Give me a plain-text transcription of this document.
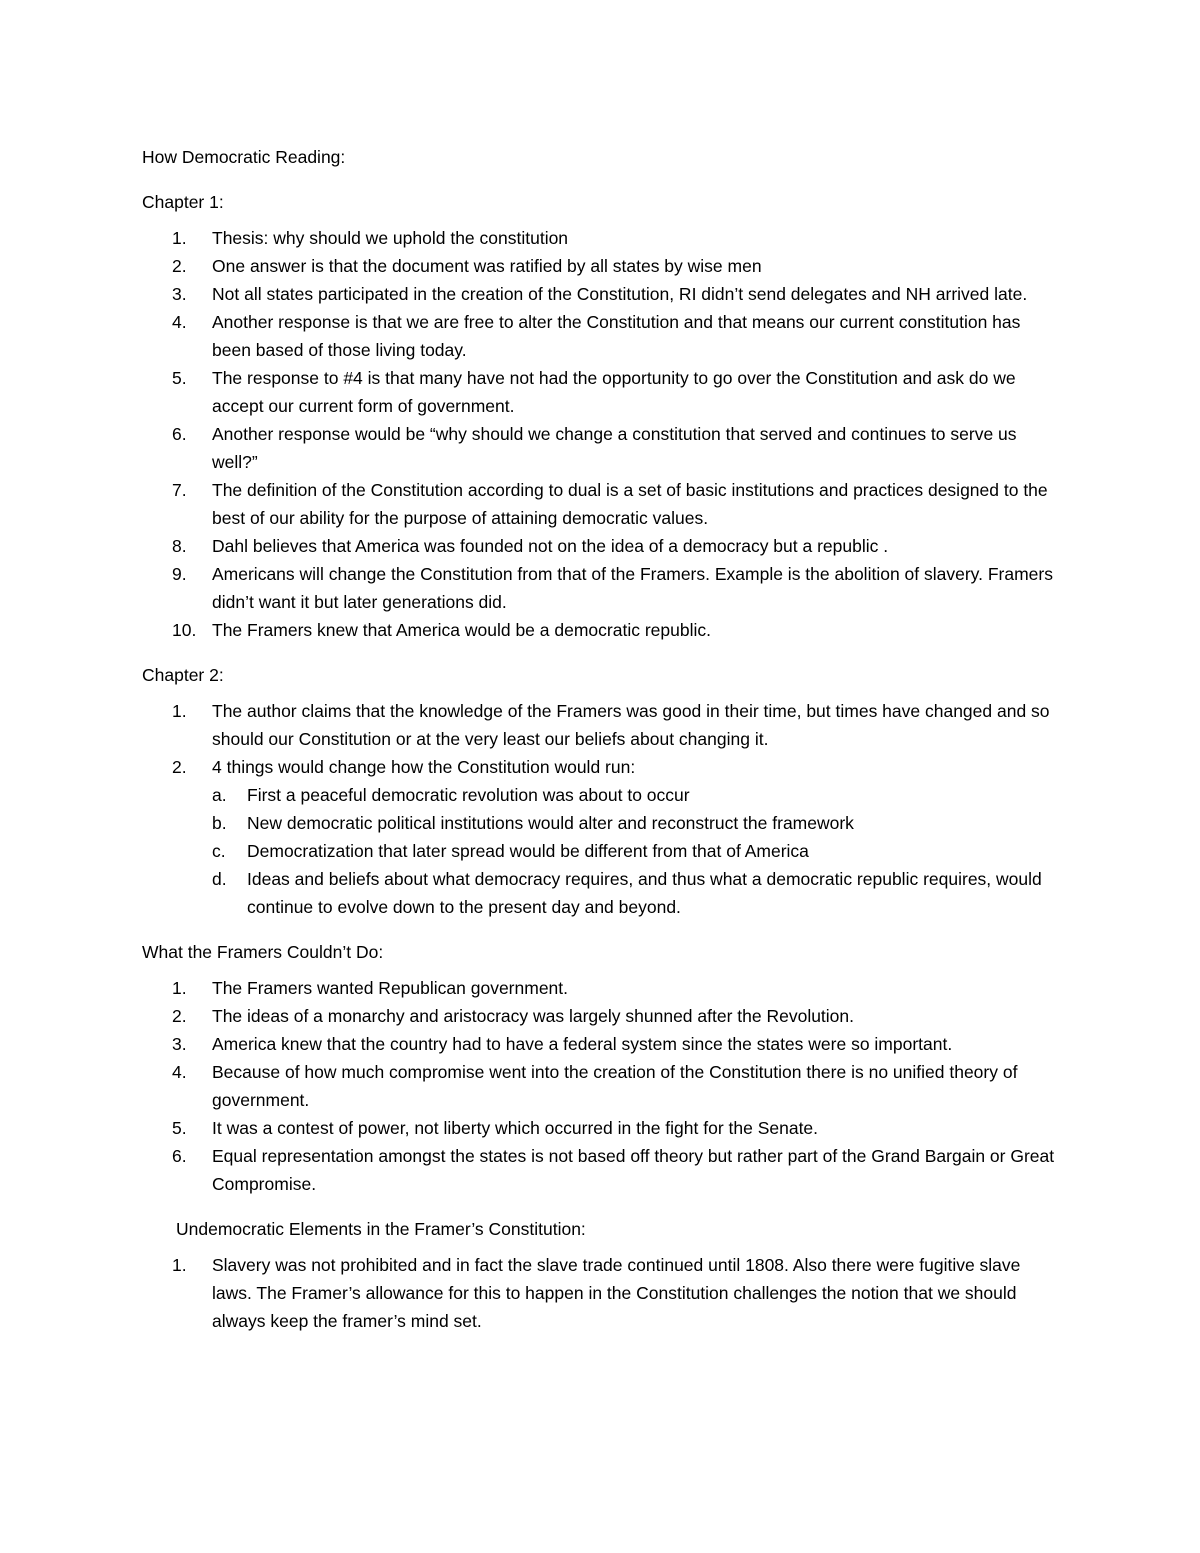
How Democratic Reading:

Chapter 1:

1. Thesis: why should we uphold the constitution
2. One answer is that the document was ratified by all states by wise men
3. Not all states participated in the creation of the Constitution, RI didn’t send delegates and NH arrived late.
4. Another response is that we are free to alter the Constitution and that means our current constitution has been based of those living today.
5. The response to #4 is that many have not had the opportunity to go over the Constitution and ask do we accept our current form of government.
6. Another response would be “why should we change a constitution that served and continues to serve us well?”
7. The definition of the Constitution according to dual is a set of basic institutions and practices designed to the best of our ability for the purpose of attaining democratic values.
8. Dahl believes that America was founded not on the idea of a democracy but a republic .
9. Americans will change the Constitution from that of the Framers. Example is the abolition of slavery. Framers didn’t want it but later generations did.
10. The Framers knew that America would be a democratic republic.

Chapter 2:

1. The author claims that the knowledge of the Framers was good in their time, but times have changed and so should our Constitution or at the very least our beliefs about changing it.
2. 4 things would change how the Constitution would run:
a. First a peaceful democratic revolution was about to occur
b. New democratic political institutions would alter and reconstruct the framework
c. Democratization that later spread would be different from that of America
d. Ideas and beliefs about what democracy requires, and thus what a democratic republic requires, would continue to evolve down to the present day and beyond.

What the Framers Couldn’t Do:

1. The Framers wanted Republican government.
2. The ideas of a monarchy and aristocracy was largely shunned after the Revolution.
3. America knew that the country had to have a federal system since the states were so important.
4. Because of how much compromise went into the creation of the Constitution there is no unified theory of government.
5. It was a contest of power, not liberty which occurred in the fight for the Senate.
6. Equal representation amongst the states is not based off theory but rather part of the Grand Bargain or Great Compromise.

Undemocratic Elements in the Framer’s Constitution:

1. Slavery was not prohibited and in fact the slave trade continued until 1808. Also there were fugitive slave laws. The Framer’s allowance for this to happen in the Constitution challenges the notion that we should always keep the framer’s mind set.
